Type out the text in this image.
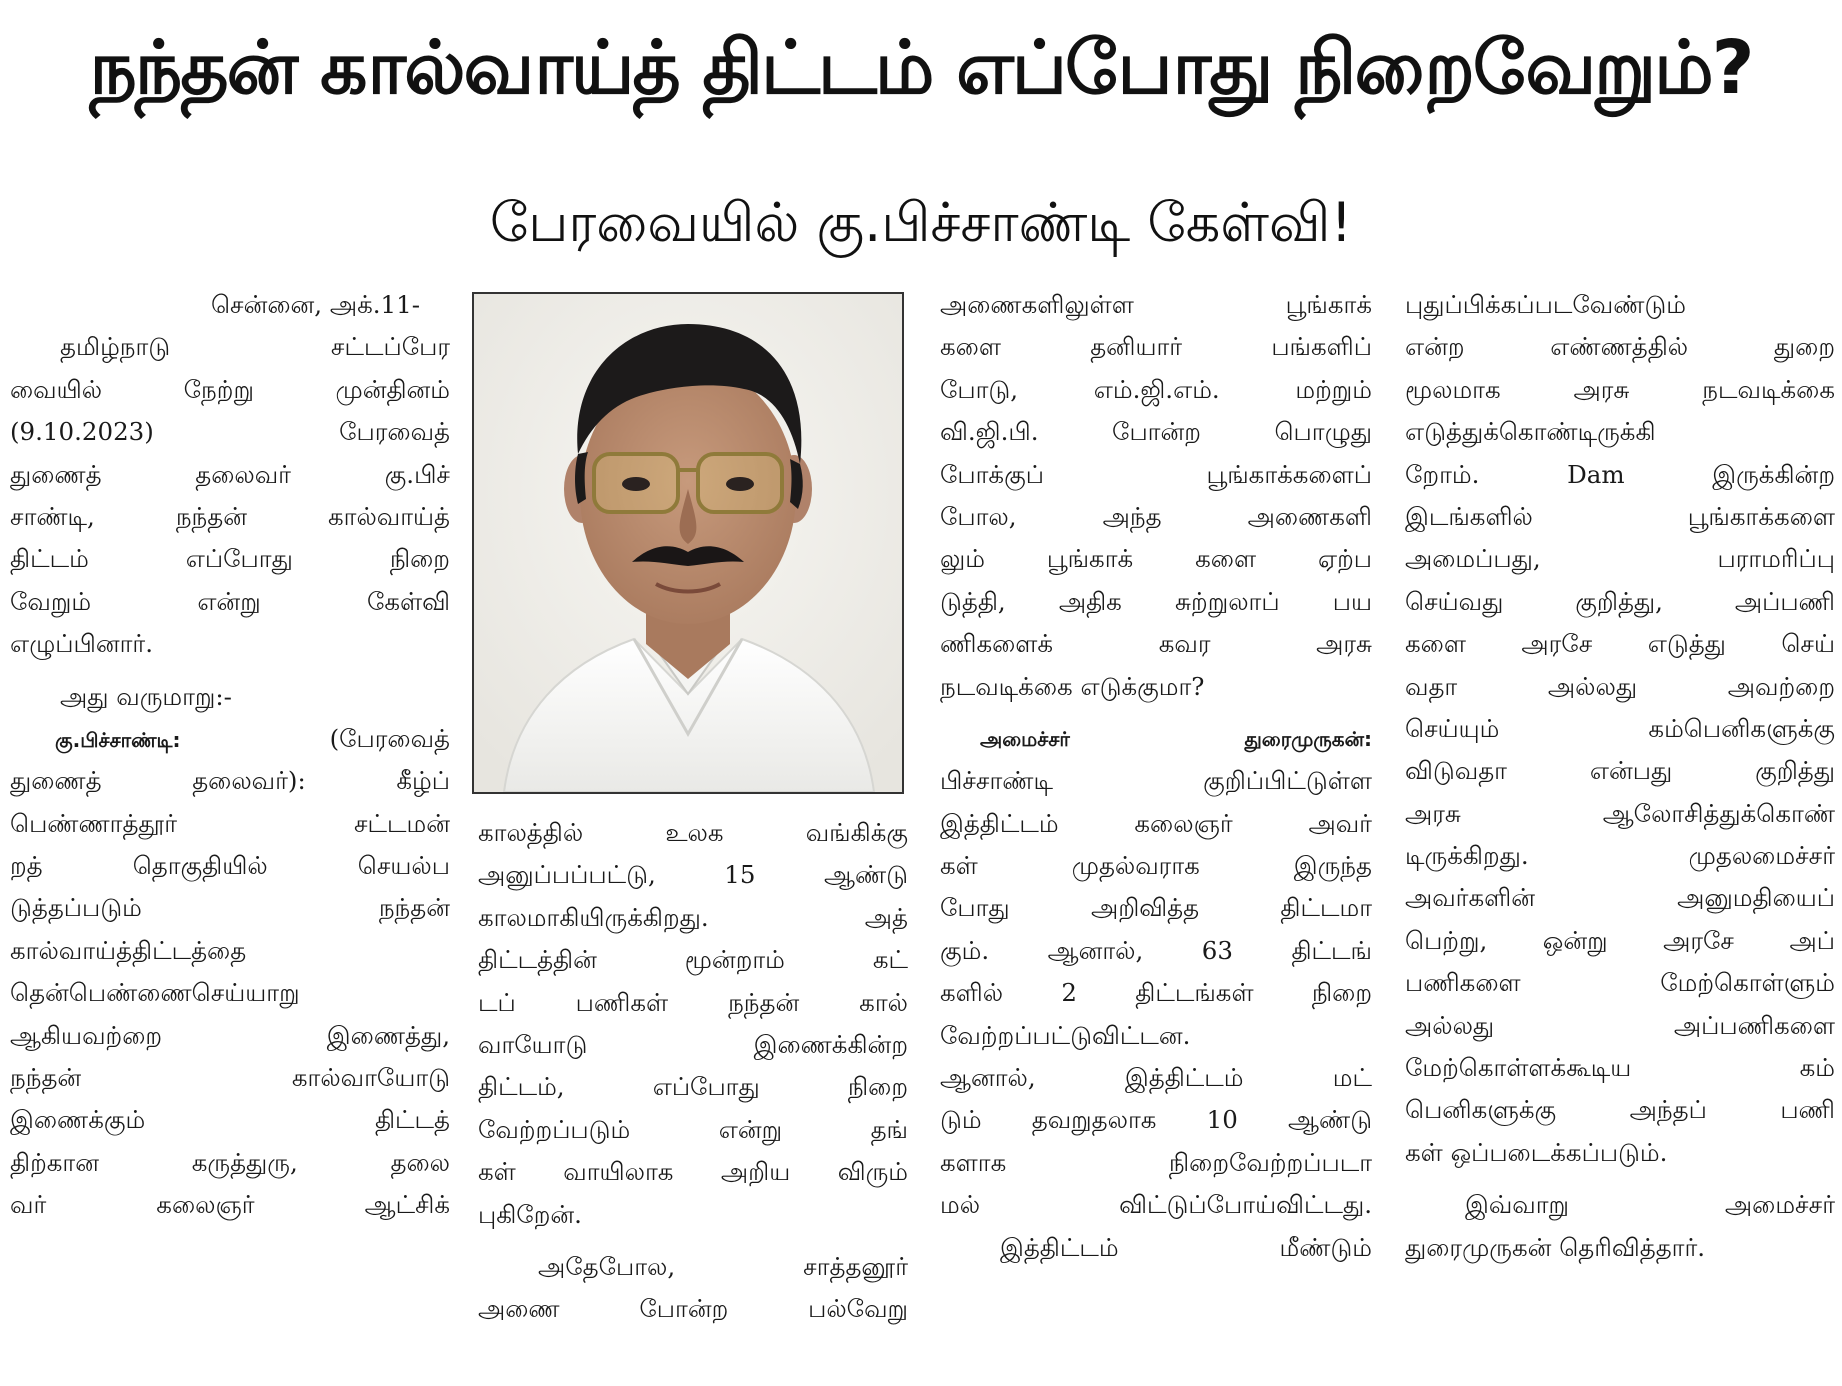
நந்தன் கால்வாய்த் திட்டம் எப்போது நிறைவேறும்?
பேரவையில் கு.பிச்சாண்டி கேள்வி!
சென்னை, அக்.11-
தமிழ்நாடு சட்டப்பேர
வையில் நேற்று முன்தினம்
(9.10.2023) பேரவைத்
துணைத் தலைவர் கு.பிச்
சாண்டி, நந்தன் கால்வாய்த்
திட்டம் எப்போது நிறை
வேறும் என்று கேள்வி
எழுப்பினார்.
அது வருமாறு:-
கு.பிச்சாண்டி:	(பேரவைத்
துணைத் தலைவர்): கீழ்ப்
பெண்ணாத்தூர் சட்டமன்
றத் தொகுதியில் செயல்ப
டுத்தப்படும் நந்தன்
கால்வாய்த்திட்டத்தை
தென்பெண்ணைசெய்யாறு
ஆகியவற்றை இணைத்து,
நந்தன் கால்வாயோடு
இணைக்கும் திட்டத்
திற்கான கருத்துரு, தலை
வர் கலைஞர் ஆட்சிக்
காலத்தில் உலக வங்கிக்கு
அனுப்பப்பட்டு, 15 ஆண்டு
காலமாகியிருக்கிறது. அத்
திட்டத்தின் மூன்றாம் கட்
டப் பணிகள் நந்தன் கால்
வாயோடு இணைக்கின்ற
திட்டம், எப்போது நிறை
வேற்றப்படும் என்று தங்
கள் வாயிலாக அறிய விரும்
புகிறேன்.
அதேபோல, சாத்தனூர்
அணை போன்ற பல்வேறு
அணைகளிலுள்ள பூங்காக்
களை தனியார் பங்களிப்
போடு, எம்.ஜி.எம். மற்றும்
வி.ஜி.பி. போன்ற பொழுது
போக்குப் பூங்காக்களைப்
போல, அந்த அணைகளி
லும் பூங்காக் களை ஏற்ப
டுத்தி, அதிக சுற்றுலாப் பய
ணிகளைக் கவர அரசு
நடவடிக்கை எடுக்குமா?
அமைச்சர் துரைமுருகன்:
பிச்சாண்டி குறிப்பிட்டுள்ள
இத்திட்டம் கலைஞர் அவர்
கள் முதல்வராக இருந்த
போது அறிவித்த திட்டமா
கும். ஆனால், 63 திட்டங்
களில் 2 திட்டங்கள் நிறை
வேற்றப்பட்டுவிட்டன.
ஆனால், இத்திட்டம் மட்
டும் தவறுதலாக 10 ஆண்டு
களாக நிறைவேற்றப்படா
மல் விட்டுப்போய்விட்டது.
இத்திட்டம் மீண்டும்
புதுப்பிக்கப்படவேண்டும்
என்ற எண்ணத்தில் துறை
மூலமாக அரசு நடவடிக்கை
எடுத்துக்கொண்டிருக்கி
றோம். Dam இருக்கின்ற
இடங்களில் பூங்காக்களை
அமைப்பது, பராமரிப்பு
செய்வது குறித்து, அப்பணி
களை அரசே எடுத்து செய்
வதா அல்லது அவற்றை
செய்யும் கம்பெனிகளுக்கு
விடுவதா என்பது குறித்து
அரசு ஆலோசித்துக்கொண்
டிருக்கிறது. முதலமைச்சர்
அவர்களின் அனுமதியைப்
பெற்று, ஒன்று அரசே அப்
பணிகளை மேற்கொள்ளும்
அல்லது அப்பணிகளை
மேற்கொள்ளக்கூடிய கம்
பெனிகளுக்கு அந்தப் பணி
கள் ஒப்படைக்கப்படும்.
இவ்வாறு அமைச்சர்
துரைமுருகன் தெரிவித்தார்.
